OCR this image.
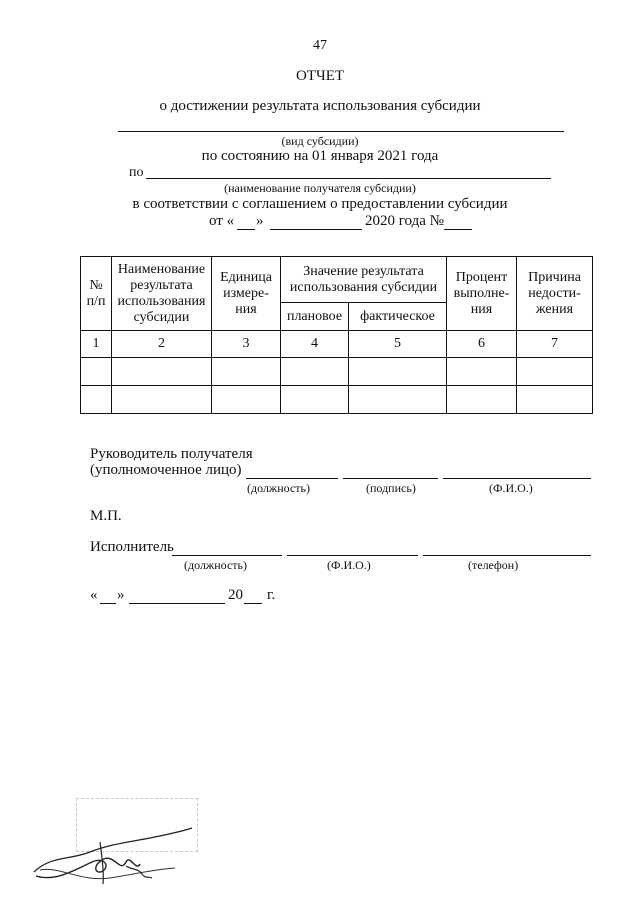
47
ОТЧЕТ
о достижении результата использования субсидии
(вид субсидии)
по состоянию на 01 января 2021 года
по
(наименование получателя субсидии)
в соответствии с соглашением о предоставлении субсидии
от « »	2020 года №
№ п/п	Наименование результата использования субсидии	Единица измере-ния	Значение результата использования субсидии		Процент выполне-ния	Причина недости-жения
			плановое	фактическое		
1	2	3	4	5	6	7

Руководитель получателя
(уполномоченное лицо)
(должность)	(подпись)	(Ф.И.О.)
М.П.
Исполнитель
(должность)	(Ф.И.О.)	(телефон)
« »	20 г.
